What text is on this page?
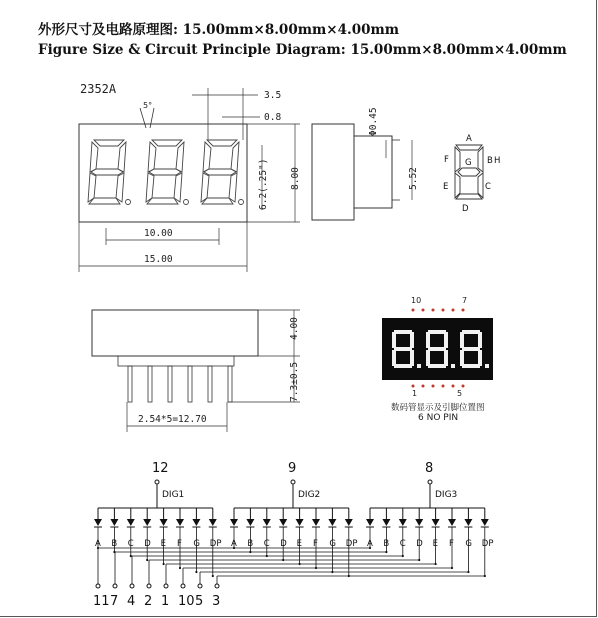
外形尺寸及电路原理图: 15.00mm×8.00mm×4.00mm
Figure Size & Circuit Principle Diagram: 15.00mm×8.00mm×4.00mm
2352A
5°
3.5
0.8
6.2(.25") 8.00
10.00
15.00
Φ0.45
5.52
A
B
C
D
E
F G	H
4.00
7.3±0.5
2.54*5=12.70
10	7
1	5
数码管显示及引脚位置图
6 NO PIN
A B C D E F G DP
DIG1
12
A B C D E F G DP
DIG2
9
A B C D E F G DP
DIG3
8
11 7 4 2 1 10 5 3
